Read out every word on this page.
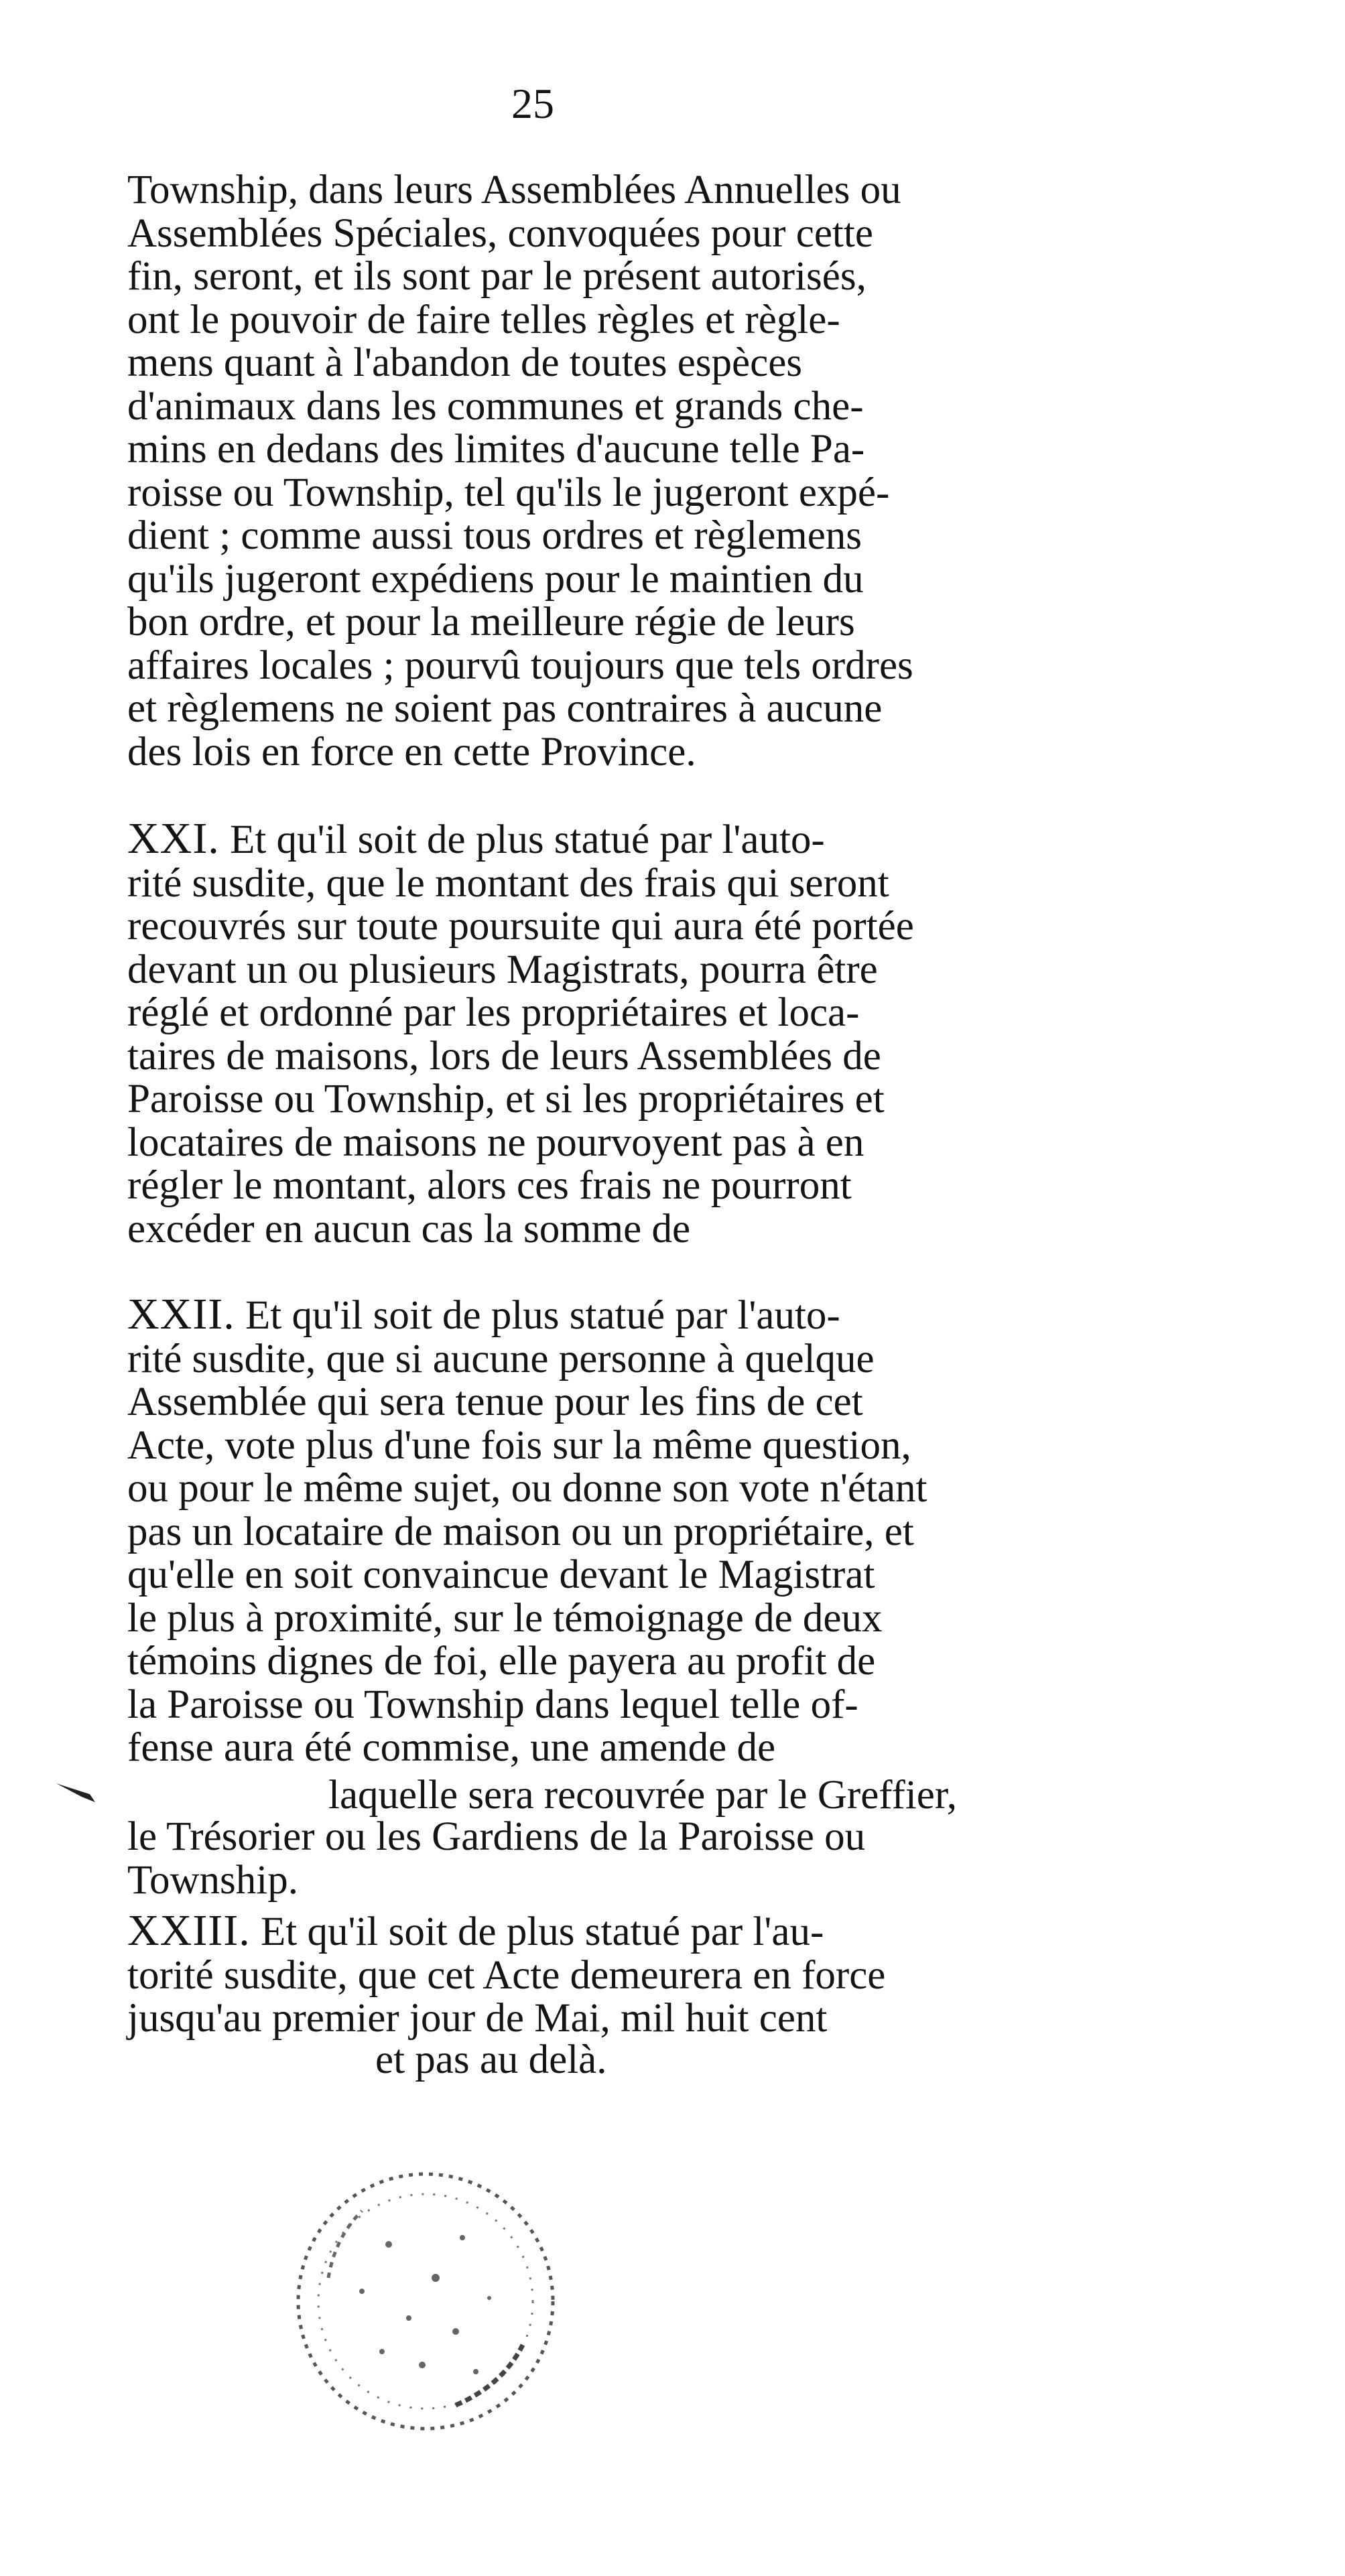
25
Township, dans leurs Assemblées Annuelles ou
Assemblées Spéciales, convoquées pour cette
fin, seront, et ils sont par le présent autorisés,
ont le pouvoir de faire telles règles et règle-
mens quant à l'abandon de toutes espèces
d'animaux dans les communes et grands che-
mins en dedans des limites d'aucune telle Pa-
roisse ou Township, tel qu'ils le jugeront expé-
dient ; comme aussi tous ordres et règlemens
qu'ils jugeront expédiens pour le maintien du
bon ordre, et pour la meilleure régie de leurs
affaires locales ; pourvû toujours que tels ordres
et règlemens ne soient pas contraires à aucune
des lois en force en cette Province.
XXI. Et qu'il soit de plus statué par l'auto-
rité susdite, que le montant des frais qui seront
recouvrés sur toute poursuite qui aura été portée
devant un ou plusieurs Magistrats, pourra être
réglé et ordonné par les propriétaires et loca-
taires de maisons, lors de leurs Assemblées de
Paroisse ou Township, et si les propriétaires et
locataires de maisons ne pourvoyent pas à en
régler le montant, alors ces frais ne pourront
excéder en aucun cas la somme de
XXII. Et qu'il soit de plus statué par l'auto-
rité susdite, que si aucune personne à quelque
Assemblée qui sera tenue pour les fins de cet
Acte, vote plus d'une fois sur la même question,
ou pour le même sujet, ou donne son vote n'étant
pas un locataire de maison ou un propriétaire, et
qu'elle en soit convaincue devant le Magistrat
le plus à proximité, sur le témoignage de deux
témoins dignes de foi, elle payera au profit de
la Paroisse ou Township dans lequel telle of-
fense aura été commise, une amende de
laquelle sera recouvrée par le Greffier,
le Trésorier ou les Gardiens de la Paroisse ou
Township.
XXIII. Et qu'il soit de plus statué par l'au-
torité susdite, que cet Acte demeurera en force
jusqu'au premier jour de Mai, mil huit cent
et pas au delà.
